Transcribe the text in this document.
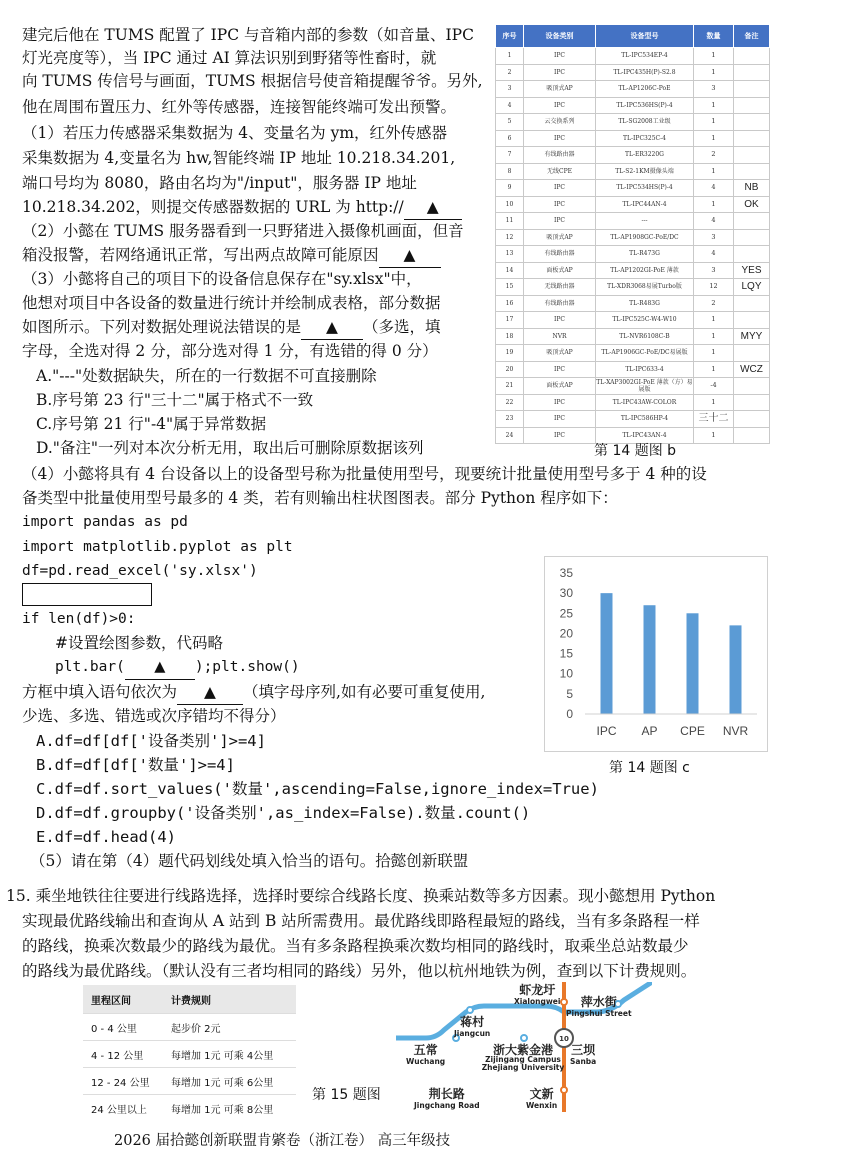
建完后他在 TUMS 配置了 IPC 与音箱内部的参数（如音量、IPC
灯光亮度等），当 IPC 通过 AI 算法识别到野猪等性畜时，就
向 TUMS 传信号与画面，TUMS 根据信号使音箱提醒爷爷。另外,
他在周围布置压力、红外等传感器，连接智能终端可发出预警。
（1）若压力传感器采集数据为 4、变量名为 ym，红外传感器
采集数据为 4,变量名为 hw,智能终端 IP 地址 10.218.34.201,
端口号均为 8080，路由名均为"/input"，服务器 IP 地址
10.218.34.202，则提交传感器数据的 URL 为 http:// ▲
（2）小懿在 TUMS 服务器看到一只野猪进入摄像机画面，但音
箱没报警，若网络通讯正常，写出两点故障可能原因 ▲
（3）小懿将自己的项目下的设备信息保存在"sy.xlsx"中，
他想对项目中各设备的数量进行统计并绘制成表格，部分数据
如图所示。下列对数据处理说法错误的是 ▲ （多选，填
字母，全选对得 2 分，部分选对得 1 分，有选错的得 0 分）
A."---"处数据缺失，所在的一行数据不可直接删除
B.序号第 23 行"三十二"属于格式不一致
C.序号第 21 行"-4"属于异常数据
D."备注"一列对本次分析无用，取出后可删除原数据该列
序号	设备类别	设备型号	数量	备注
1	IPC	TL-IPC534EP-4	1	
2	IPC	TL-IPC435H(P)-S2.8	1	
3	吸顶式AP	TL-AP1206C-PoE	3	
4	IPC	TL-IPC536HS(P)-4	1	
5	云交换系列	TL-SG2008工业级	1	
6	IPC	TL-IPC325C-4	1	
7	有线路由器	TL-ER3220G	2	
8	无线CPE	TL-S2-1KM摄像头端	1	
9	IPC	TL-IPC534HS(P)-4	4	NB
10	IPC	TL-IPC44AN-4	1	OK
11	IPC	---	4	
12	吸顶式AP	TL-AP1908GC-PoE/DC	3	
13	有线路由器	TL-R473G	4	
14	面板式AP	TL-AP1202GI-PoE 薄款	3	YES
15	无线路由器	TL-XDR3068易展Turbo版	12	LQY
16	有线路由器	TL-R483G	2	
17	IPC	TL-IPC525C-W4-W10	1	
18	NVR	TL-NVR6108C-B	1	MYY
19	吸顶式AP	TL-AP1906GC-PoE/DC易展版	1	
20	IPC	TL-IPC633-4	1	WCZ
21	面板式AP	TL-XAP3002GI-PoE 薄款（方）易展版	-4	
22	IPC	TL-IPC43AW-COLOR	1	
23	IPC	TL-IPC586HP-4	三十二	
24	IPC	TL-IPC43AN-4	1	
第 14 题图 b
（4）小懿将具有 4 台设备以上的设备型号称为批量使用型号，现要统计批量使用型号多于 4 种的设
备类型中批量使用型号最多的 4 类，若有则输出柱状图图表。部分 Python 程序如下：
import pandas as pd
import matplotlib.pyplot as plt
df=pd.read_excel('sy.xlsx')
if len(df)>0:
#设置绘图参数，代码略
plt.bar( ▲ );plt.show()
方框中填入语句依次为 ▲ （填字母序列,如有必要可重复使用,
少选、多选、错选或次序错均不得分）
A.df=df[df['设备类别']>=4]
B.df=df[df['数量']>=4]
C.df=df.sort_values('数量',ascending=False,ignore_index=True)
D.df=df.groupby('设备类别',as_index=False).数量.count()
E.df=df.head(4)
（5）请在第（4）题代码划线处填入恰当的语句。拾懿创新联盟
0
5
10
15
20
25
30
35
IPC AP CPE NVR
第 14 题图 c
15. 乘坐地铁往往要进行线路选择，选择时要综合线路长度、换乘站数等多方因素。现小懿想用 Python
实现最优路线输出和查询从 A 站到 B 站所需费用。最优路线即路程最短的路线，当有多条路程一样
的路线，换乘次数最少的路线为最优。当有多条路程换乘次数均相同的路线时，取乘坐总站数最少
的路线为最优路线。（默认没有三者均相同的路线）另外，他以杭州地铁为例，查到以下计费规则。
里程区间	计费规则
0 - 4 公里	起步价 2元
4 - 12 公里	每增加 1元 可乘 4公里
12 - 24 公里	每增加 1元 可乘 6公里
24 公里以上	每增加 1元 可乘 8公里
第 15 题图
10
虾龙圩
Xialongwei	萍水街
Pingshui Street
蒋村
Jiangcun
五常
Wuchang
浙大紫金港
Zijingang Campus Zhejiang University
三坝
Sanba
荆长路
Jingchang Road
文新
Wenxin
2026 届拾懿创新联盟肯綮卷（浙江卷） 高三年级技
